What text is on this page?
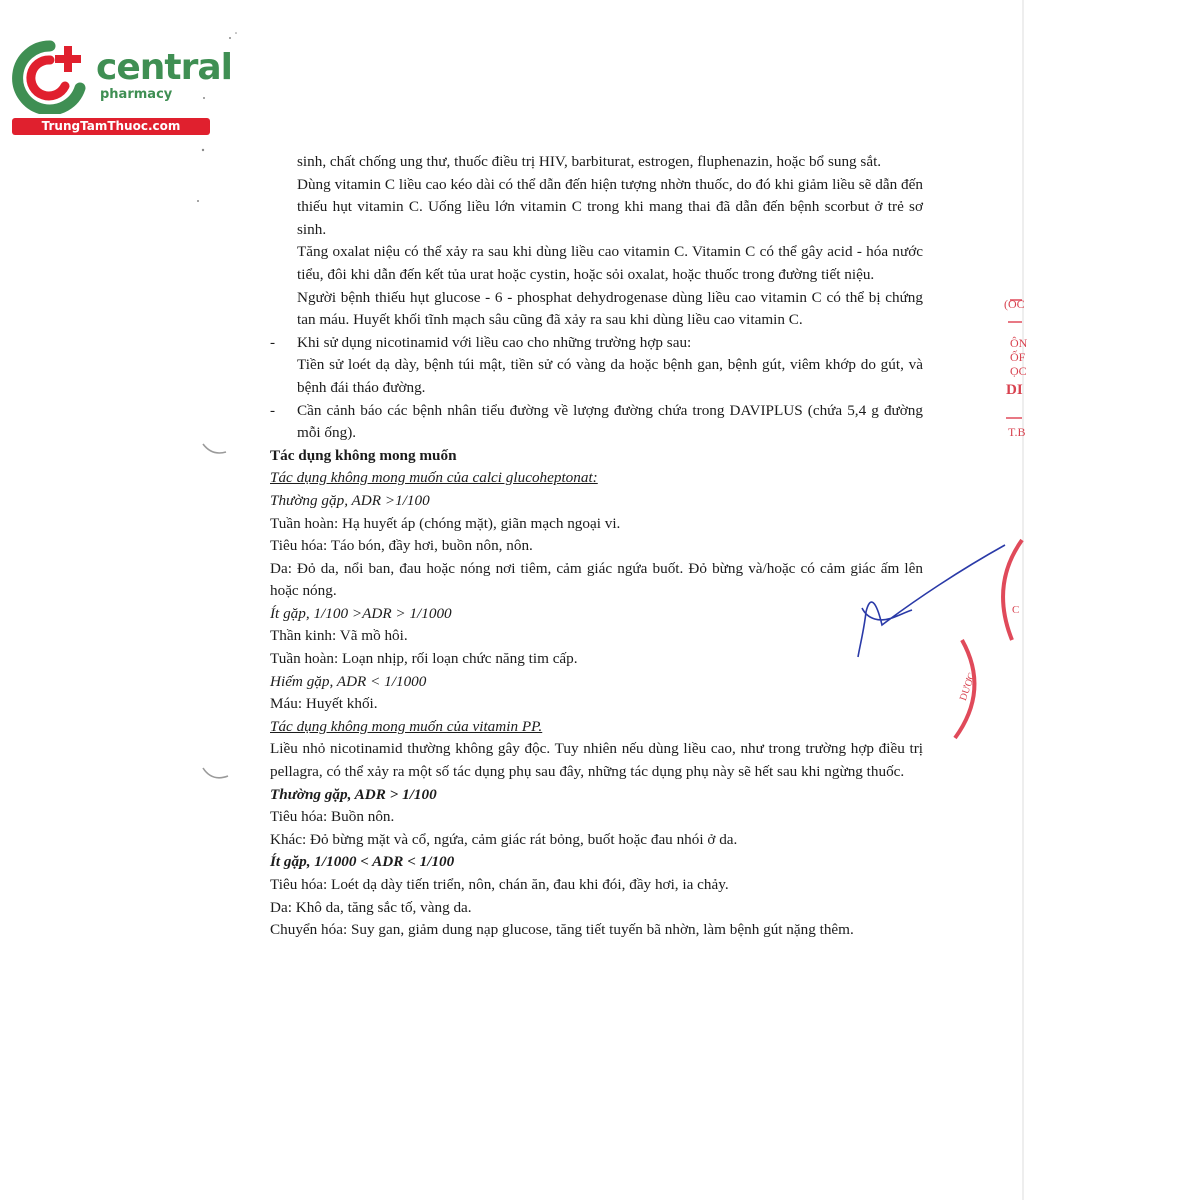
central
pharmacy
TrungTamThuoc.com

sinh, chất chống ung thư, thuốc điều trị HIV, barbiturat, estrogen, fluphenazin, hoặc bổ sung sắt.

Dùng vitamin C liều cao kéo dài có thể dẫn đến hiện tượng nhờn thuốc, do đó khi giảm liều sẽ dẫn đến thiếu hụt vitamin C. Uống liều lớn vitamin C trong khi mang thai đã dẫn đến bệnh scorbut ở trẻ sơ sinh.

Tăng oxalat niệu có thể xảy ra sau khi dùng liều cao vitamin C. Vitamin C có thể gây acid - hóa nước tiểu, đôi khi dẫn đến kết tủa urat hoặc cystin, hoặc sỏi oxalat, hoặc thuốc trong đường tiết niệu.

Người bệnh thiếu hụt glucose - 6 - phosphat dehydrogenase dùng liều cao vitamin C có thể bị chứng tan máu. Huyết khối tĩnh mạch sâu cũng đã xảy ra sau khi dùng liều cao vitamin C.

- Khi sử dụng nicotinamid với liều cao cho những trường hợp sau:

Tiền sử loét dạ dày, bệnh túi mật, tiền sử có vàng da hoặc bệnh gan, bệnh gút, viêm khớp do gút, và bệnh đái tháo đường.

- Cần cảnh báo các bệnh nhân tiểu đường về lượng đường chứa trong DAVIPLUS (chứa 5,4 g đường mỗi ống).

Tác dụng không mong muốn

Tác dụng không mong muốn của calci glucoheptonat:

Thường gặp, ADR >1/100

Tuần hoàn: Hạ huyết áp (chóng mặt), giãn mạch ngoại vi.

Tiêu hóa: Táo bón, đầy hơi, buồn nôn, nôn.

Da: Đỏ da, nổi ban, đau hoặc nóng nơi tiêm, cảm giác ngứa buốt. Đỏ bừng và/hoặc có cảm giác ấm lên hoặc nóng.

Ít gặp, 1/100 >ADR > 1/1000

Thần kinh: Vã mồ hôi.

Tuần hoàn: Loạn nhịp, rối loạn chức năng tim cấp.

Hiếm gặp, ADR < 1/1000

Máu: Huyết khối.

Tác dụng không mong muốn của vitamin PP.

Liều nhỏ nicotinamid thường không gây độc. Tuy nhiên nếu dùng liều cao, như trong trường hợp điều trị pellagra, có thể xảy ra một số tác dụng phụ sau đây, những tác dụng phụ này sẽ hết sau khi ngừng thuốc.

Thường gặp, ADR > 1/100

Tiêu hóa: Buồn nôn.

Khác: Đỏ bừng mặt và cổ, ngứa, cảm giác rát bỏng, buốt hoặc đau nhói ở da.

Ít gặp, 1/1000 < ADR < 1/100

Tiêu hóa: Loét dạ dày tiến triển, nôn, chán ăn, đau khi đói, đầy hơi, ia chảy.

Da: Khô da, tăng sắc tố, vàng da.

Chuyển hóa: Suy gan, giảm dung nạp glucose, tăng tiết tuyến bã nhờn, làm bệnh gút nặng thêm.

(OC
ÔN
ỐF
ỌC
DI
T.B
DƯỢC
C
